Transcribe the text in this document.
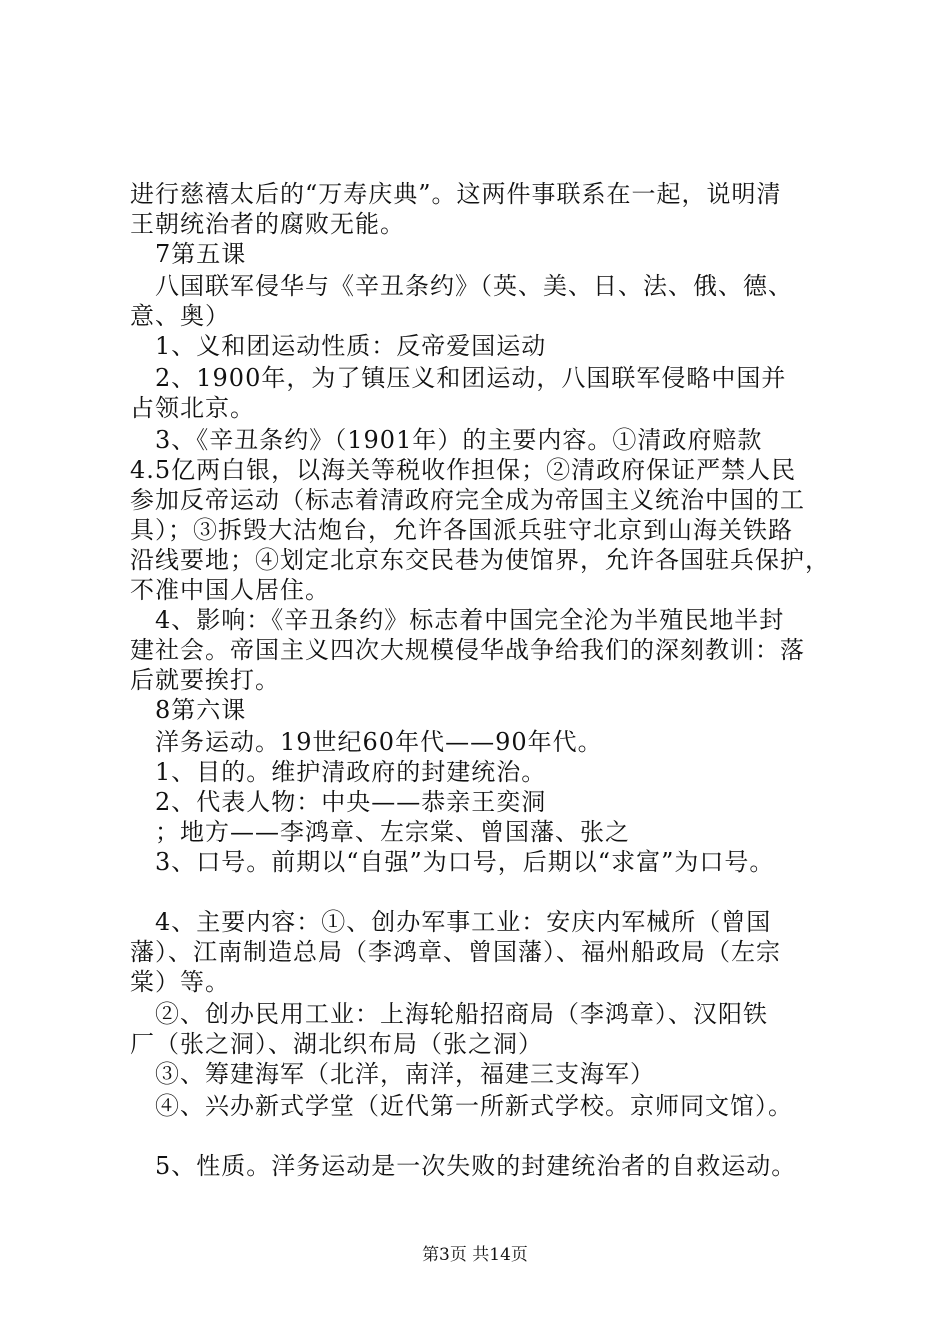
进行慈禧太后的“万寿庆典”。这两件事联系在一起，说明清
王朝统治者的腐败无能。
　7第五课
　八国联军侵华与《辛丑条约》（英、美、日、法、俄、德、
意、奥）
　1、义和团运动性质：反帝爱国运动
　2、1900年，为了镇压义和团运动，八国联军侵略中国并
占领北京。
　3、《辛丑条约》（1901年）的主要内容。①清政府赔款
4.5亿两白银，以海关等税收作担保；②清政府保证严禁人民
参加反帝运动（标志着清政府完全成为帝国主义统治中国的工
具）；③拆毁大沽炮台，允许各国派兵驻守北京到山海关铁路
沿线要地；④划定北京东交民巷为使馆界，允许各国驻兵保护，
不准中国人居住。
　4、影响：《辛丑条约》标志着中国完全沦为半殖民地半封
建社会。帝国主义四次大规模侵华战争给我们的深刻教训：落
后就要挨打。
　8第六课
　洋务运动。19世纪60年代——90年代。
　1、目的。维护清政府的封建统治。
　2、代表人物：中央——恭亲王奕洞
　；地方——李鸿章、左宗棠、曾国藩、张之
　3、口号。前期以“自强”为口号，后期以“求富”为口号。
　4、主要内容：①、创办军事工业：安庆内军械所（曾国
藩）、江南制造总局（李鸿章、曾国藩）、福州船政局（左宗
棠）等。
　②、创办民用工业：上海轮船招商局（李鸿章）、汉阳铁
厂（张之洞）、湖北织布局（张之洞）
　③、筹建海军（北洋，南洋，福建三支海军）
　④、兴办新式学堂（近代第一所新式学校。京师同文馆）。
　5、性质。洋务运动是一次失败的封建统治者的自救运动。
第3页 共14页
